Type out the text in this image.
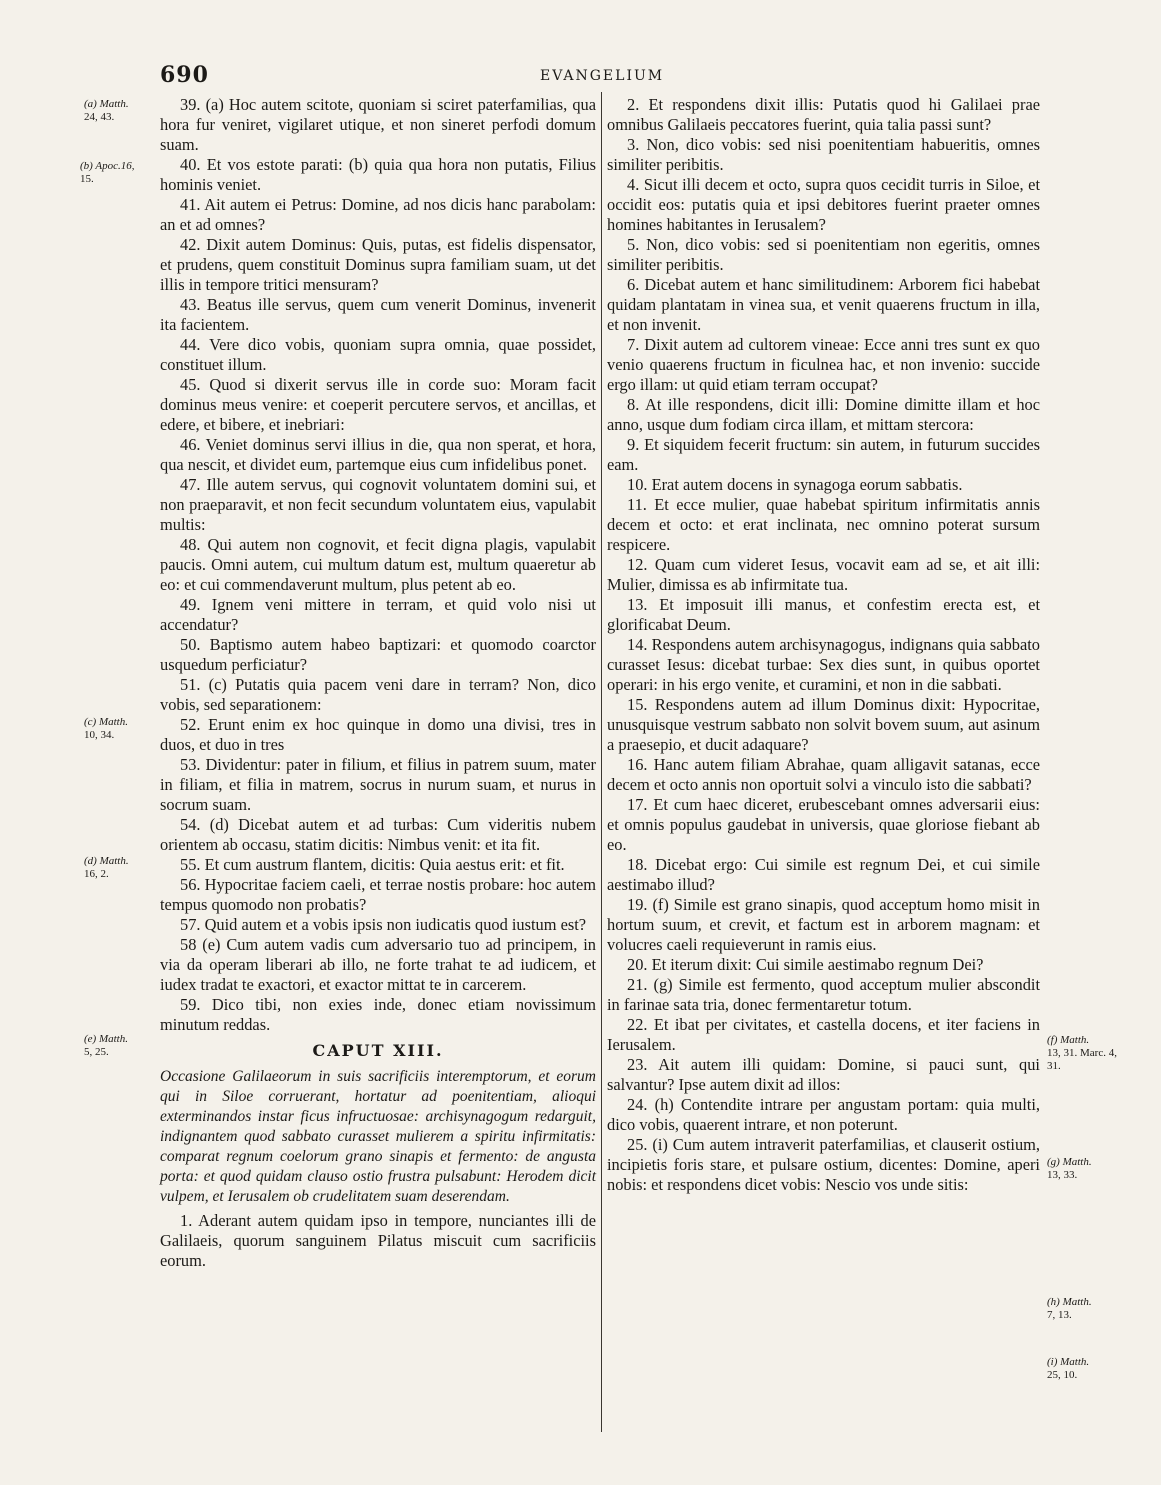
690	EVANGELIUM
(a) Matth.
24, 43.
(b) Apoc.16,
15.
(c) Matth.
10, 34.
(d) Matth.
16, 2.
(e) Matth.
5, 25.
(f) Matth.
13, 31. Marc. 4, 31.
(g) Matth.
13, 33.
(h) Matth.
7, 13.
(i) Matth.
25, 10.

39. (a) Hoc autem scitote, quoniam si sciret paterfamilias, qua hora fur veniret, vigilaret utique, et non sineret perfodi domum suam.

40. Et vos estote parati: (b) quia qua hora non putatis, Filius hominis veniet.

41. Ait autem ei Petrus: Domine, ad nos dicis hanc parabolam: an et ad omnes?

42. Dixit autem Dominus: Quis, putas, est fidelis dispensator, et prudens, quem constituit Dominus supra familiam suam, ut det illis in tempore tritici mensuram?

43. Beatus ille servus, quem cum venerit Dominus, invenerit ita facientem.

44. Vere dico vobis, quoniam supra omnia, quae possidet, constituet illum.

45. Quod si dixerit servus ille in corde suo: Moram facit dominus meus venire: et coeperit percutere servos, et ancillas, et edere, et bibere, et inebriari:

46. Veniet dominus servi illius in die, qua non sperat, et hora, qua nescit, et dividet eum, partemque eius cum infidelibus ponet.

47. Ille autem servus, qui cognovit voluntatem domini sui, et non praeparavit, et non fecit secundum voluntatem eius, vapulabit multis:

48. Qui autem non cognovit, et fecit digna plagis, vapulabit paucis. Omni autem, cui multum datum est, multum quaeretur ab eo: et cui commendaverunt multum, plus petent ab eo.

49. Ignem veni mittere in terram, et quid volo nisi ut accendatur?

50. Baptismo autem habeo baptizari: et quomodo coarctor usquedum perficiatur?

51. (c) Putatis quia pacem veni dare in terram? Non, dico vobis, sed separationem:

52. Erunt enim ex hoc quinque in domo una divisi, tres in duos, et duo in tres

53. Dividentur: pater in filium, et filius in patrem suum, mater in filiam, et filia in matrem, socrus in nurum suam, et nurus in socrum suam.

54. (d) Dicebat autem et ad turbas: Cum videritis nubem orientem ab occasu, statim dicitis: Nimbus venit: et ita fit.

55. Et cum austrum flantem, dicitis: Quia aestus erit: et fit.

56. Hypocritae faciem caeli, et terrae nostis probare: hoc autem tempus quomodo non probatis?

57. Quid autem et a vobis ipsis non iudicatis quod iustum est?

58 (e) Cum autem vadis cum adversario tuo ad principem, in via da operam liberari ab illo, ne forte trahat te ad iudicem, et iudex tradat te exactori, et exactor mittat te in carcerem.

59. Dico tibi, non exies inde, donec etiam novissimum minutum reddas.

CAPUT XIII.

Occasione Galilaeorum in suis sacrificiis interemptorum, et eorum qui in Siloe corruerant, hortatur ad poenitentiam, alioqui exterminandos instar ficus infructuosae: archisynagogum redarguit, indignantem quod sabbato curasset mulierem a spiritu infirmitatis: comparat regnum coelorum grano sinapis et fermento: de angusta porta: et quod quidam clauso ostio frustra pulsabunt: Herodem dicit vulpem, et Ierusalem ob crudelitatem suam deserendam.

1. Aderant autem quidam ipso in tempore, nunciantes illi de Galilaeis, quorum sanguinem Pilatus miscuit cum sacrificiis eorum.

2. Et respondens dixit illis: Putatis quod hi Galilaei prae omnibus Galilaeis peccatores fuerint, quia talia passi sunt?

3. Non, dico vobis: sed nisi poenitentiam habueritis, omnes similiter peribitis.

4. Sicut illi decem et octo, supra quos cecidit turris in Siloe, et occidit eos: putatis quia et ipsi debitores fuerint praeter omnes homines habitantes in Ierusalem?

5. Non, dico vobis: sed si poenitentiam non egeritis, omnes similiter peribitis.

6. Dicebat autem et hanc similitudinem: Arborem fici habebat quidam plantatam in vinea sua, et venit quaerens fructum in illa, et non invenit.

7. Dixit autem ad cultorem vineae: Ecce anni tres sunt ex quo venio quaerens fructum in ficulnea hac, et non invenio: succide ergo illam: ut quid etiam terram occupat?

8. At ille respondens, dicit illi: Domine dimitte illam et hoc anno, usque dum fodiam circa illam, et mittam stercora:

9. Et siquidem fecerit fructum: sin autem, in futurum succides eam.

10. Erat autem docens in synagoga eorum sabbatis.

11. Et ecce mulier, quae habebat spiritum infirmitatis annis decem et octo: et erat inclinata, nec omnino poterat sursum respicere.

12. Quam cum videret Iesus, vocavit eam ad se, et ait illi: Mulier, dimissa es ab infirmitate tua.

13. Et imposuit illi manus, et confestim erecta est, et glorificabat Deum.

14. Respondens autem archisynagogus, indignans quia sabbato curasset Iesus: dicebat turbae: Sex dies sunt, in quibus oportet operari: in his ergo venite, et curamini, et non in die sabbati.

15. Respondens autem ad illum Dominus dixit: Hypocritae, unusquisque vestrum sabbato non solvit bovem suum, aut asinum a praesepio, et ducit adaquare?

16. Hanc autem filiam Abrahae, quam alligavit satanas, ecce decem et octo annis non oportuit solvi a vinculo isto die sabbati?

17. Et cum haec diceret, erubescebant omnes adversarii eius: et omnis populus gaudebat in universis, quae gloriose fiebant ab eo.

18. Dicebat ergo: Cui simile est regnum Dei, et cui simile aestimabo illud?

19. (f) Simile est grano sinapis, quod acceptum homo misit in hortum suum, et crevit, et factum est in arborem magnam: et volucres caeli requieverunt in ramis eius.

20. Et iterum dixit: Cui simile aestimabo regnum Dei?

21. (g) Simile est fermento, quod acceptum mulier abscondit in farinae sata tria, donec fermentaretur totum.

22. Et ibat per civitates, et castella docens, et iter faciens in Ierusalem.

23. Ait autem illi quidam: Domine, si pauci sunt, qui salvantur? Ipse autem dixit ad illos:

24. (h) Contendite intrare per angustam portam: quia multi, dico vobis, quaerent intrare, et non poterunt.

25. (i) Cum autem intraverit paterfamilias, et clauserit ostium, incipietis foris stare, et pulsare ostium, dicentes: Domine, aperi nobis: et respondens dicet vobis: Nescio vos unde sitis:
